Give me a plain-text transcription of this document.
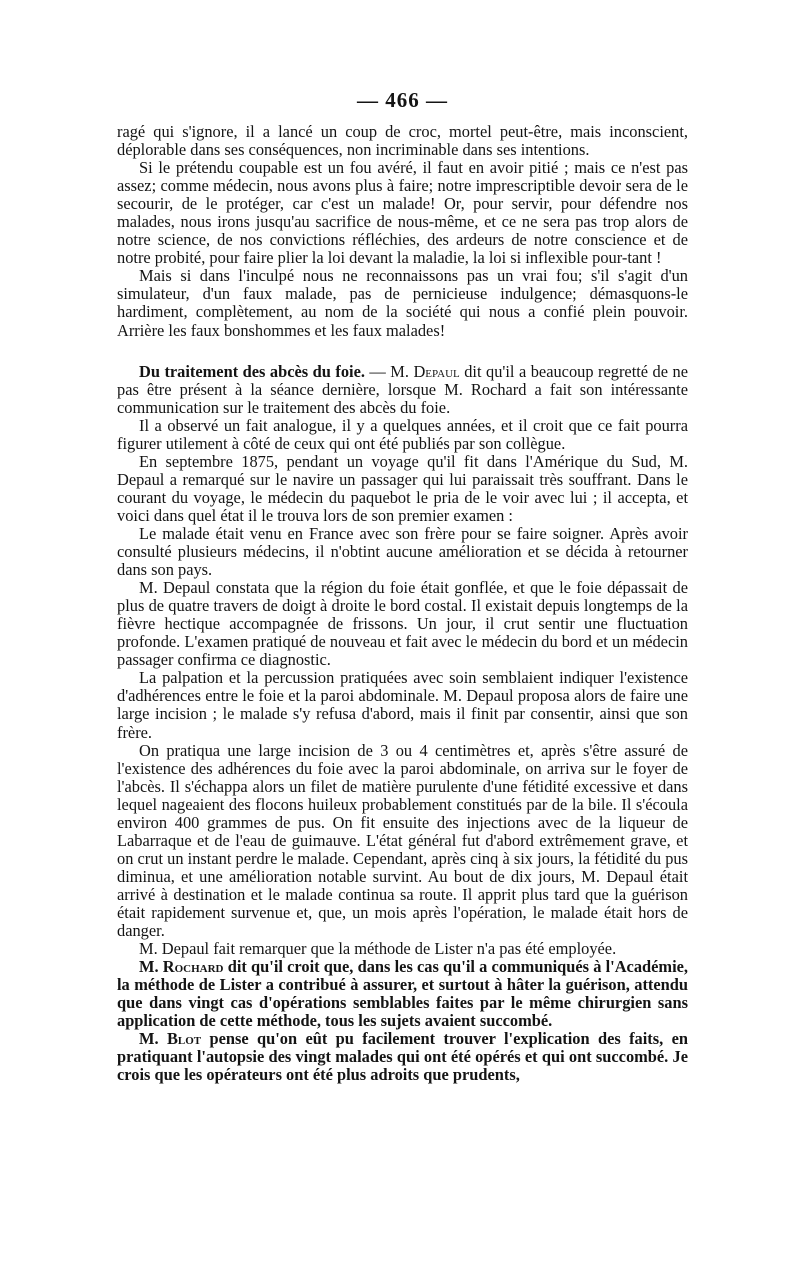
— 466 —

ragé qui s'ignore, il a lancé un coup de croc, mortel peut-être, mais inconscient, déplorable dans ses conséquences, non incriminable dans ses intentions.

Si le prétendu coupable est un fou avéré, il faut en avoir pitié ; mais ce n'est pas assez; comme médecin, nous avons plus à faire; notre imprescriptible devoir sera de le secourir, de le protéger, car c'est un malade! Or, pour servir, pour défendre nos malades, nous irons jusqu'au sacrifice de nous-même, et ce ne sera pas trop alors de notre science, de nos convictions réfléchies, des ardeurs de notre conscience et de notre probité, pour faire plier la loi devant la maladie, la loi si inflexible pour-tant !

Mais si dans l'inculpé nous ne reconnaissons pas un vrai fou; s'il s'agit d'un simulateur, d'un faux malade, pas de pernicieuse indulgence; démasquons-le hardiment, complètement, au nom de la société qui nous a confié plein pouvoir. Arrière les faux bonshommes et les faux malades!

Du traitement des abcès du foie. — M. Depaul dit qu'il a beaucoup regretté de ne pas être présent à la séance dernière, lorsque M. Rochard a fait son intéressante communication sur le traitement des abcès du foie.

Il a observé un fait analogue, il y a quelques années, et il croit que ce fait pourra figurer utilement à côté de ceux qui ont été publiés par son collègue.

En septembre 1875, pendant un voyage qu'il fit dans l'Amérique du Sud, M. Depaul a remarqué sur le navire un passager qui lui paraissait très souffrant. Dans le courant du voyage, le médecin du paquebot le pria de le voir avec lui ; il accepta, et voici dans quel état il le trouva lors de son premier examen :

Le malade était venu en France avec son frère pour se faire soigner. Après avoir consulté plusieurs médecins, il n'obtint aucune amélioration et se décida à retourner dans son pays.

M. Depaul constata que la région du foie était gonflée, et que le foie dépassait de plus de quatre travers de doigt à droite le bord costal. Il existait depuis longtemps de la fièvre hectique accompagnée de frissons. Un jour, il crut sentir une fluctuation profonde. L'examen pratiqué de nouveau et fait avec le médecin du bord et un médecin passager confirma ce diagnostic.

La palpation et la percussion pratiquées avec soin semblaient indiquer l'existence d'adhérences entre le foie et la paroi abdominale. M. Depaul proposa alors de faire une large incision ; le malade s'y refusa d'abord, mais il finit par consentir, ainsi que son frère.

On pratiqua une large incision de 3 ou 4 centimètres et, après s'être assuré de l'existence des adhérences du foie avec la paroi abdominale, on arriva sur le foyer de l'abcès. Il s'échappa alors un filet de matière purulente d'une fétidité excessive et dans lequel nageaient des flocons huileux probablement constitués par de la bile. Il s'écoula environ 400 grammes de pus. On fit ensuite des injections avec de la liqueur de Labarraque et de l'eau de guimauve. L'état général fut d'abord extrêmement grave, et on crut un instant perdre le malade. Cependant, après cinq à six jours, la fétidité du pus diminua, et une amélioration notable survint. Au bout de dix jours, M. Depaul était arrivé à destination et le malade continua sa route. Il apprit plus tard que la guérison était rapidement survenue et, que, un mois après l'opération, le malade était hors de danger.

M. Depaul fait remarquer que la méthode de Lister n'a pas été employée.

M. Rochard dit qu'il croit que, dans les cas qu'il a communiqués à l'Académie, la méthode de Lister a contribué à assurer, et surtout à hâter la guérison, attendu que dans vingt cas d'opérations semblables faites par le même chirurgien sans application de cette méthode, tous les sujets avaient succombé.

M. Blot pense qu'on eût pu facilement trouver l'explication des faits, en pratiquant l'autopsie des vingt malades qui ont été opérés et qui ont succombé. Je crois que les opérateurs ont été plus adroits que prudents,
